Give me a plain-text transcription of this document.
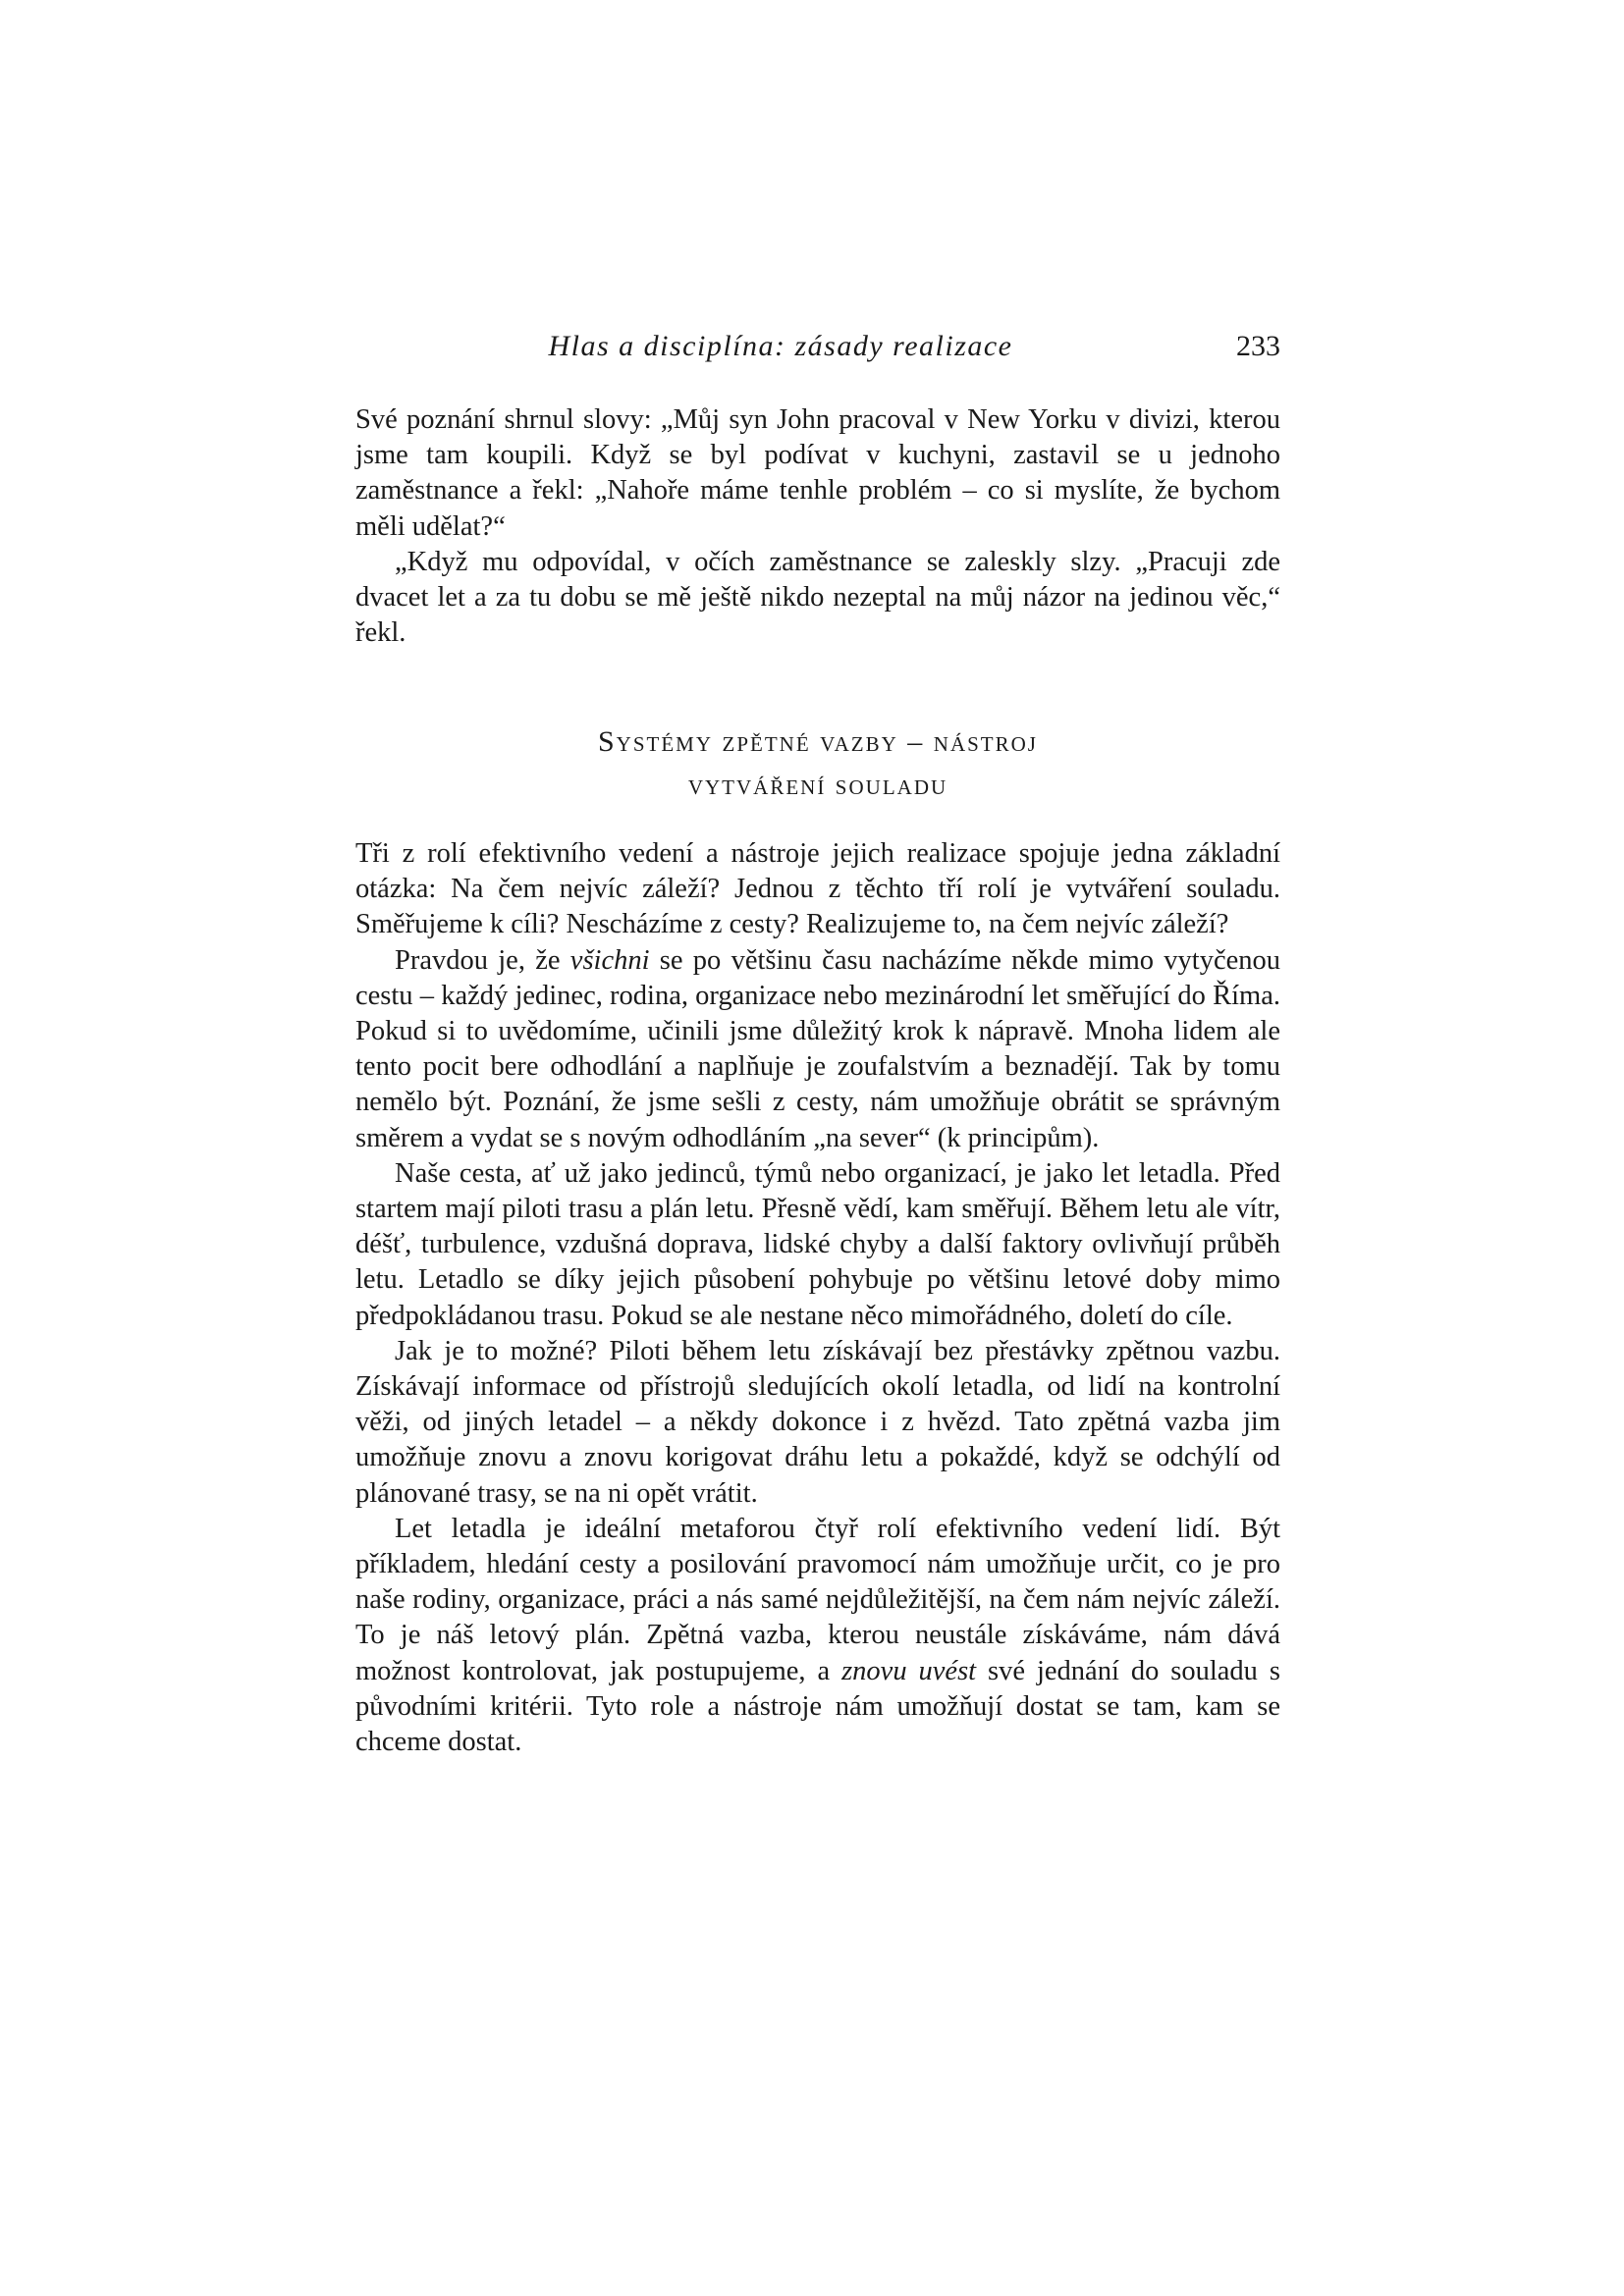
Hlas a disciplína: zásady realizace	233

Své poznání shrnul slovy: „Můj syn John pracoval v New Yorku v divizi, kterou jsme tam koupili. Když se byl podívat v kuchyni, zastavil se u jednoho zaměstnance a řekl: „Nahoře máme tenhle problém – co si myslíte, že bychom měli udělat?“

„Když mu odpovídal, v očích zaměstnance se zaleskly slzy. „Pracuji zde dvacet let a za tu dobu se mě ještě nikdo nezeptal na můj názor na jedinou věc,“ řekl.

Systémy zpětné vazby – nástroj
vytváření souladu

Tři z rolí efektivního vedení a nástroje jejich realizace spojuje jedna základní otázka: Na čem nejvíc záleží? Jednou z těchto tří rolí je vytváření souladu. Směřujeme k cíli? Nescházíme z cesty? Realizujeme to, na čem nejvíc záleží?

Pravdou je, že všichni se po většinu času nacházíme někde mimo vytyčenou cestu – každý jedinec, rodina, organizace nebo mezinárodní let směřující do Říma. Pokud si to uvědomíme, učinili jsme důležitý krok k nápravě. Mnoha lidem ale tento pocit bere odhodlání a naplňuje je zoufalstvím a beznadějí. Tak by tomu nemělo být. Poznání, že jsme sešli z cesty, nám umožňuje obrátit se správným směrem a vydat se s novým odhodláním „na sever“ (k principům).

Naše cesta, ať už jako jedinců, týmů nebo organizací, je jako let letadla. Před startem mají piloti trasu a plán letu. Přesně vědí, kam směřují. Během letu ale vítr, déšť, turbulence, vzdušná doprava, lidské chyby a další faktory ovlivňují průběh letu. Letadlo se díky jejich působení pohybuje po většinu letové doby mimo předpokládanou trasu. Pokud se ale nestane něco mimořádného, doletí do cíle.

Jak je to možné? Piloti během letu získávají bez přestávky zpětnou vazbu. Získávají informace od přístrojů sledujících okolí letadla, od lidí na kontrolní věži, od jiných letadel – a někdy dokonce i z hvězd. Tato zpětná vazba jim umožňuje znovu a znovu korigovat dráhu letu a pokaždé, když se odchýlí od plánované trasy, se na ni opět vrátit.

Let letadla je ideální metaforou čtyř rolí efektivního vedení lidí. Být příkladem, hledání cesty a posilování pravomocí nám umožňuje určit, co je pro naše rodiny, organizace, práci a nás samé nejdůležitější, na čem nám nejvíc záleží. To je náš letový plán. Zpětná vazba, kterou neustále získáváme, nám dává možnost kontrolovat, jak postupujeme, a znovu uvést své jednání do souladu s původními kritérii. Tyto role a nástroje nám umožňují dostat se tam, kam se chceme dostat.
